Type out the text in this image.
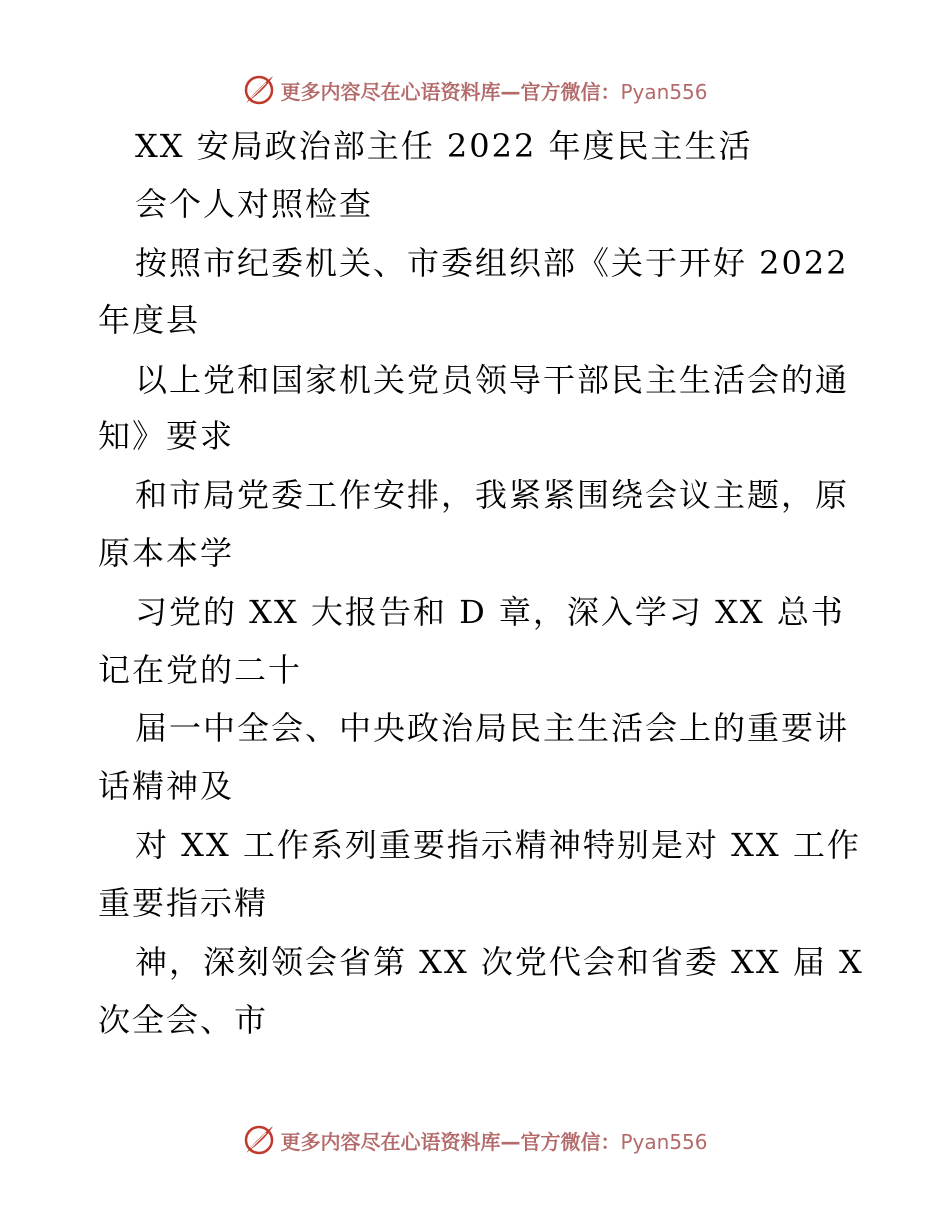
更多内容尽在心语资料库—官方微信：Pyan556
XX 安局政治部主任 2022 年度民主生活
会个人对照检查
按照市纪委机关、市委组织部《关于开好 2022
年度县
以上党和国家机关党员领导干部民主生活会的通
知》要求
和市局党委工作安排，我紧紧围绕会议主题，原
原本本学
习党的 XX 大报告和 D 章，深入学习 XX 总书
记在党的二十
届一中全会、中央政治局民主生活会上的重要讲
话精神及
对 XX 工作系列重要指示精神特别是对 XX 工作
重要指示精
神，深刻领会省第 XX 次党代会和省委 XX 届 X
次全会、市
更多内容尽在心语资料库—官方微信：Pyan556
